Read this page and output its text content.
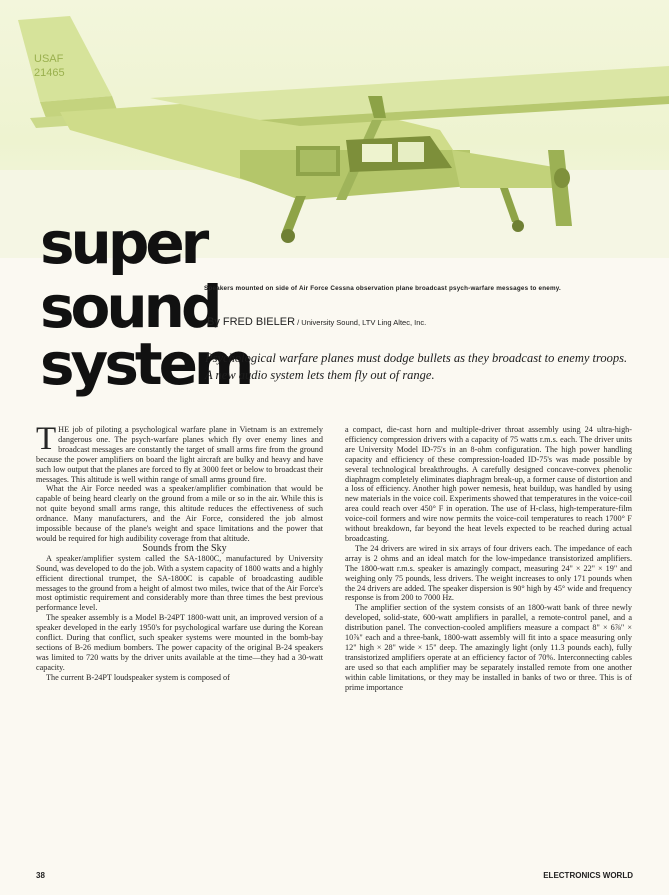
USAF
21465
super
sound
system
Speakers mounted on side of Air Force Cessna observation plane broadcast psych-warfare messages to enemy.
By FRED BIELER / University Sound, LTV Ling Altec, Inc.
Psychological warfare planes must dodge bullets as they broadcast to enemy troops. A new audio system lets them fly out of range.

THE job of piloting a psychological warfare plane in Vietnam is an extremely dangerous one. The psych-warfare planes which fly over enemy lines and broadcast messages are constantly the target of small arms fire from the ground because the power amplifiers on board the light aircraft are bulky and heavy and have such low output that the planes are forced to fly at 3000 feet or below to broadcast their messages. This altitude is well within range of small arms ground fire.

What the Air Force needed was a speaker/amplifier combination that would be capable of being heard clearly on the ground from a mile or so in the air. While this is not quite beyond small arms range, this altitude reduces the effectiveness of such ordnance. Many manufacturers, and the Air Force, considered the job almost impossible because of the plane's weight and space limitations and the power that would be required for high audibility coverage from that altitude.

Sounds from the Sky

A speaker/amplifier system called the SA-1800C, manufactured by University Sound, was developed to do the job. With a system capacity of 1800 watts and a highly efficient directional trumpet, the SA-1800C is capable of broadcasting audible messages to the ground from a height of almost two miles, twice that of the Air Force's most optimistic requirement and considerably more than three times the best previous performance level.

The speaker assembly is a Model B-24PT 1800-watt unit, an improved version of a speaker developed in the early 1950's for psychological warfare use during the Korean conflict. During that conflict, such speaker systems were mounted in the bomb-bay sections of B-26 medium bombers. The power capacity of the original B-24 speakers was limited to 720 watts by the driver units available at the time—they had a 30-watt capacity.

The current B-24PT loudspeaker system is composed of

a compact, die-cast horn and multiple-driver throat assembly using 24 ultra-high-efficiency compression drivers with a capacity of 75 watts r.m.s. each. The driver units are University Model ID-75's in an 8-ohm configuration. The high power handling capacity and efficiency of these compression-loaded ID-75's was made possible by several technological breakthroughs. A carefully designed concave-convex phenolic diaphragm completely eliminates diaphragm break-up, a former cause of distortion and a loss of efficiency. Another high power nemesis, heat buildup, was handled by using new materials in the voice coil. Experiments showed that temperatures in the voice-coil area could reach over 450° F in operation. The use of H-class, high-temperature-film voice-coil formers and wire now permits the voice-coil temperatures to reach 1700° F without breakdown, far beyond the heat levels expected to be reached during actual broadcasting.

The 24 drivers are wired in six arrays of four drivers each. The impedance of each array is 2 ohms and an ideal match for the low-impedance transistorized amplifiers. The 1800-watt r.m.s. speaker is amazingly compact, measuring 24" × 22" × 19" and weighing only 75 pounds, less drivers. The weight increases to only 171 pounds when the 24 drivers are added. The speaker dispersion is 90° high by 45° wide and frequency response is from 200 to 7000 Hz.

The amplifier section of the system consists of an 1800-watt bank of three newly developed, solid-state, 600-watt amplifiers in parallel, a remote-control panel, and a distribution panel. The convection-cooled amplifiers measure a compact 8" × 6⅞" × 10⅞" each and a three-bank, 1800-watt assembly will fit into a space measuring only 12" high × 28" wide × 15" deep. The amazingly light (only 11.3 pounds each), fully transistorized amplifiers operate at an efficiency factor of 70%. Interconnecting cables are used so that each amplifier may be separately installed remote from one another within cable limitations, or they may be installed in banks of two or three. This is of prime importance

38	ELECTRONICS WORLD
